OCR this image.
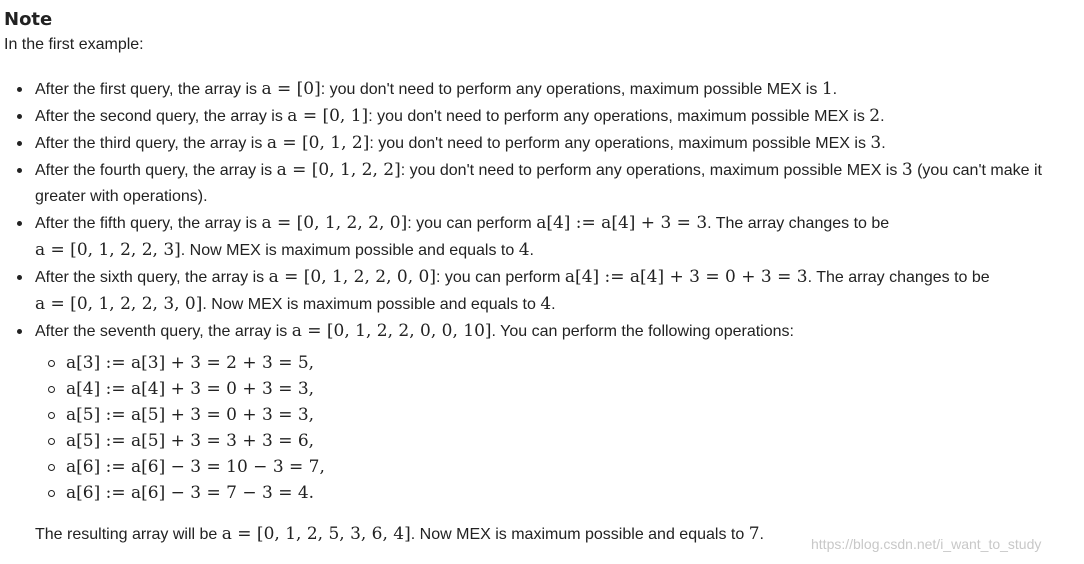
Note
In the first example:
After the first query, the array is a = [0]: you don't need to perform any operations, maximum possible MEX is 1.
After the second query, the array is a = [0, 1]: you don't need to perform any operations, maximum possible MEX is 2.
After the third query, the array is a = [0, 1, 2]: you don't need to perform any operations, maximum possible MEX is 3.
After the fourth query, the array is a = [0, 1, 2, 2]: you don't need to perform any operations, maximum possible MEX is 3 (you can't make it greater with operations).
After the fifth query, the array is a = [0, 1, 2, 2, 0]: you can perform a[4] := a[4] + 3 = 3. The array changes to be
a = [0, 1, 2, 2, 3]. Now MEX is maximum possible and equals to 4.
After the sixth query, the array is a = [0, 1, 2, 2, 0, 0]: you can perform a[4] := a[4] + 3 = 0 + 3 = 3. The array changes to be
a = [0, 1, 2, 2, 3, 0]. Now MEX is maximum possible and equals to 4.
After the seventh query, the array is a = [0, 1, 2, 2, 0, 0, 10]. You can perform the following operations:
a[3] := a[3] + 3 = 2 + 3 = 5,
a[4] := a[4] + 3 = 0 + 3 = 3,
a[5] := a[5] + 3 = 0 + 3 = 3,
a[5] := a[5] + 3 = 3 + 3 = 6,
a[6] := a[6] − 3 = 10 − 3 = 7,
a[6] := a[6] − 3 = 7 − 3 = 4.
The resulting array will be a = [0, 1, 2, 5, 3, 6, 4]. Now MEX is maximum possible and equals to 7.
https://blog.csdn.net/i_want_to_study
